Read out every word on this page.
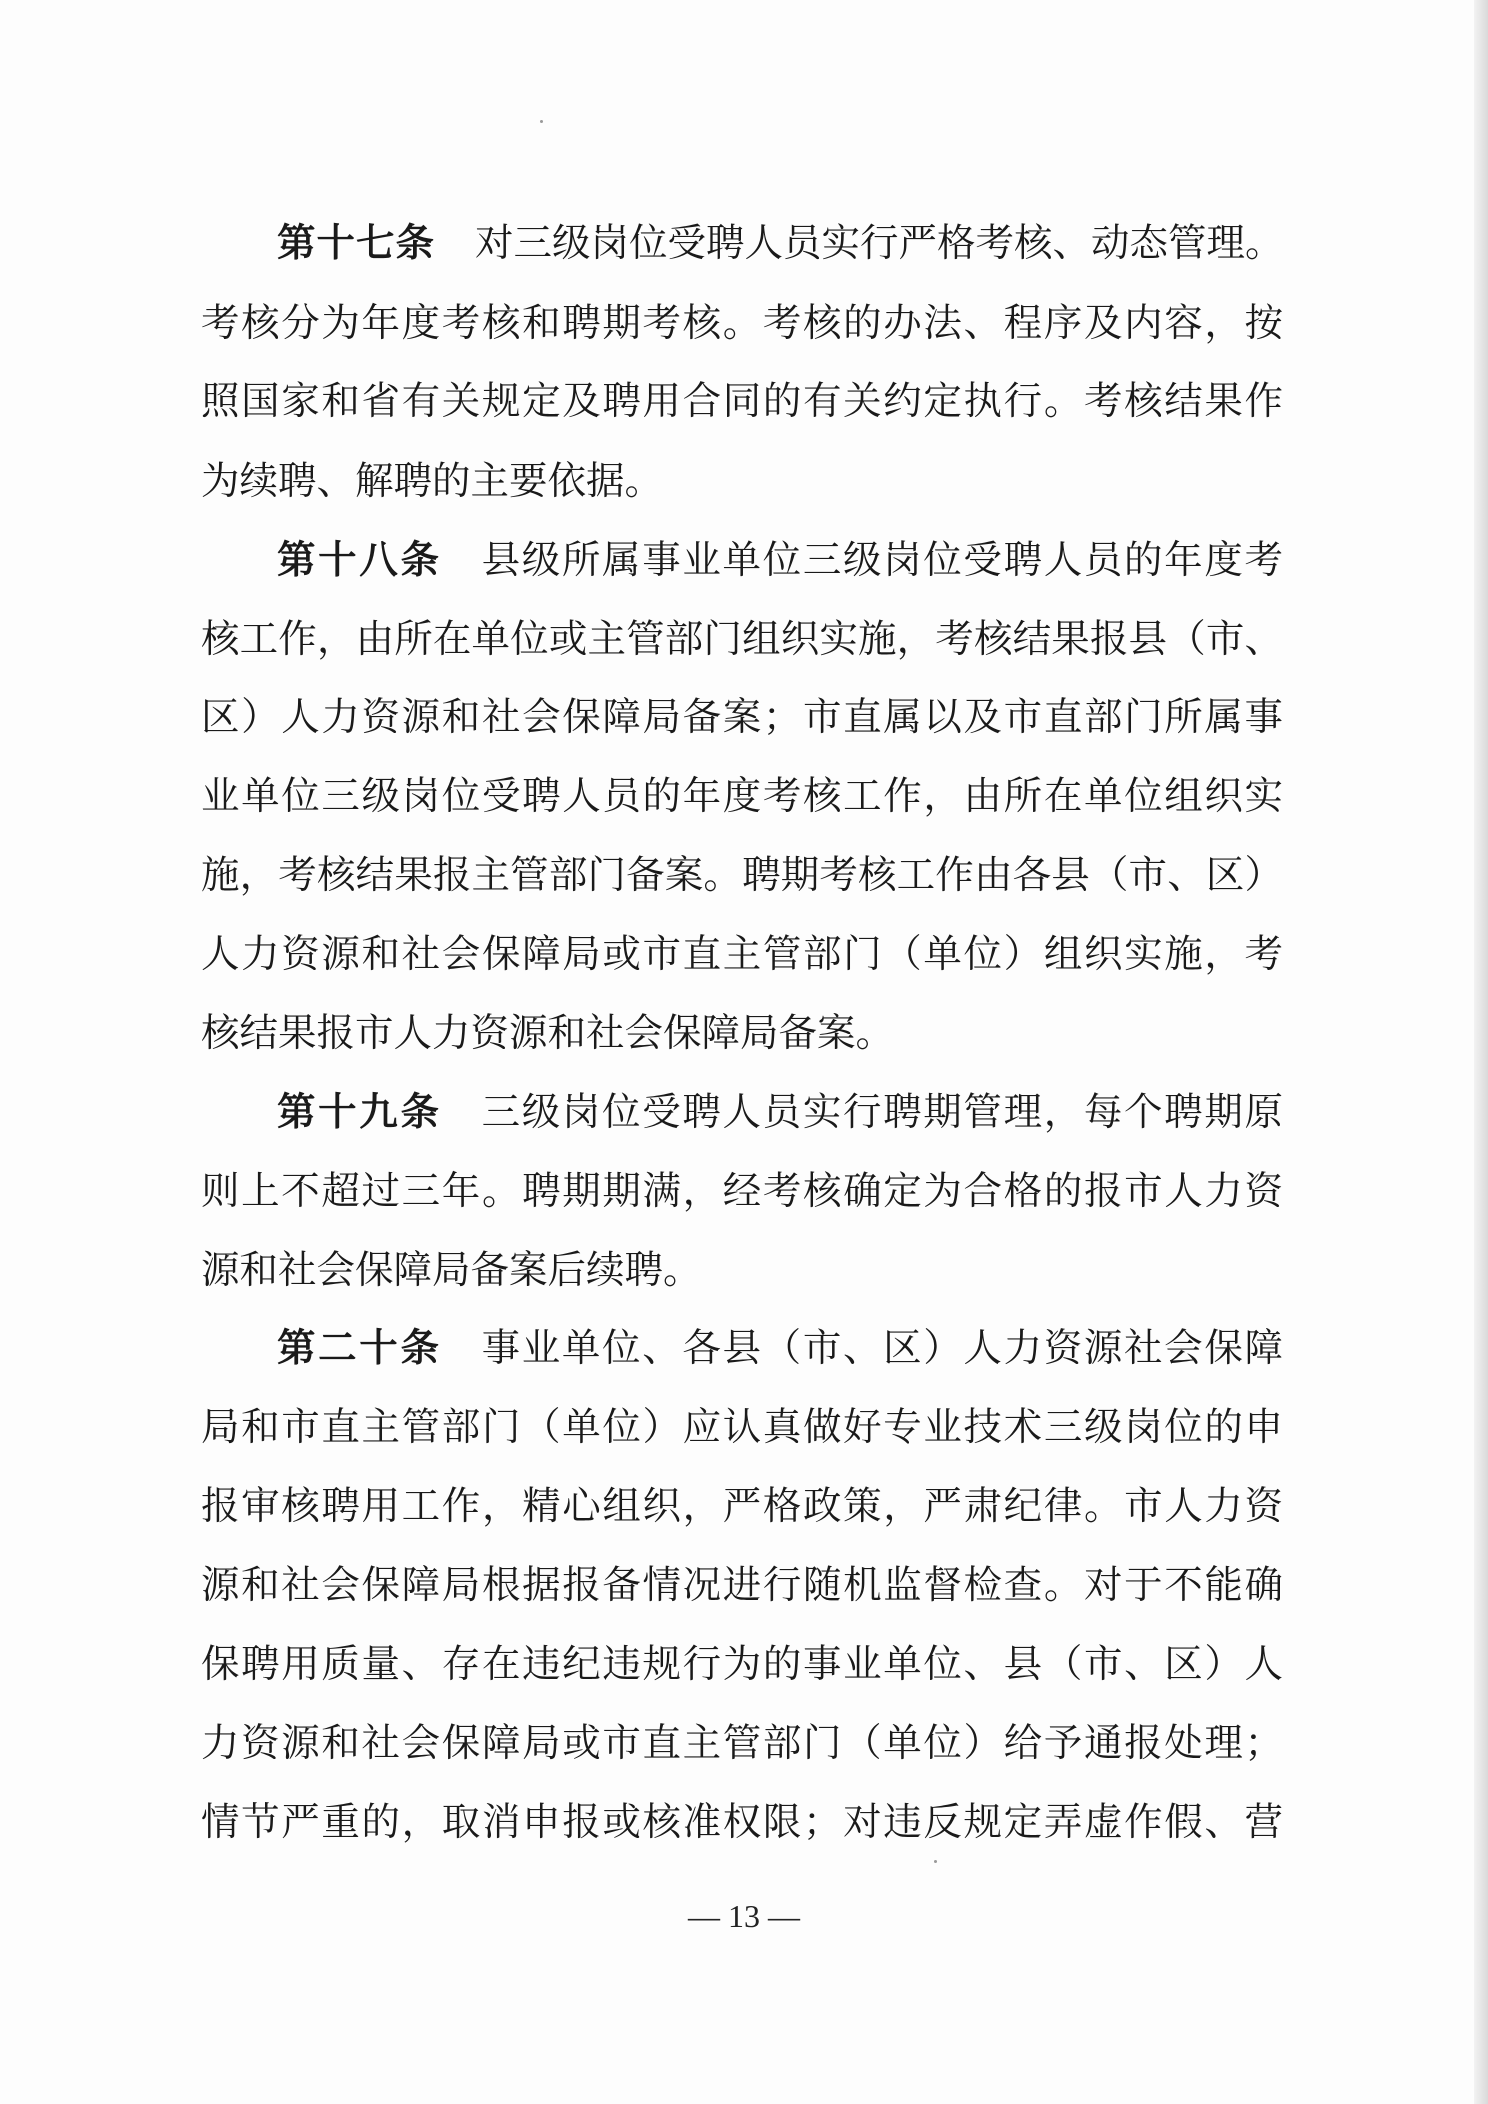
第十七条 对三级岗位受聘人员实行严格考核、动态管理。
考核分为年度考核和聘期考核。考核的办法、程序及内容，按
照国家和省有关规定及聘用合同的有关约定执行。考核结果作
为续聘、解聘的主要依据。
第十八条 县级所属事业单位三级岗位受聘人员的年度考
核工作，由所在单位或主管部门组织实施，考核结果报县（市、
区）人力资源和社会保障局备案；市直属以及市直部门所属事
业单位三级岗位受聘人员的年度考核工作，由所在单位组织实
施，考核结果报主管部门备案。聘期考核工作由各县（市、区）
人力资源和社会保障局或市直主管部门（单位）组织实施，考
核结果报市人力资源和社会保障局备案。
第十九条 三级岗位受聘人员实行聘期管理，每个聘期原
则上不超过三年。聘期期满，经考核确定为合格的报市人力资
源和社会保障局备案后续聘。
第二十条 事业单位、各县（市、区）人力资源社会保障
局和市直主管部门（单位）应认真做好专业技术三级岗位的申
报审核聘用工作，精心组织，严格政策，严肃纪律。市人力资
源和社会保障局根据报备情况进行随机监督检查。对于不能确
保聘用质量、存在违纪违规行为的事业单位、县（市、区）人
力资源和社会保障局或市直主管部门（单位）给予通报处理；
情节严重的，取消申报或核准权限；对违反规定弄虚作假、营
— 13 —
